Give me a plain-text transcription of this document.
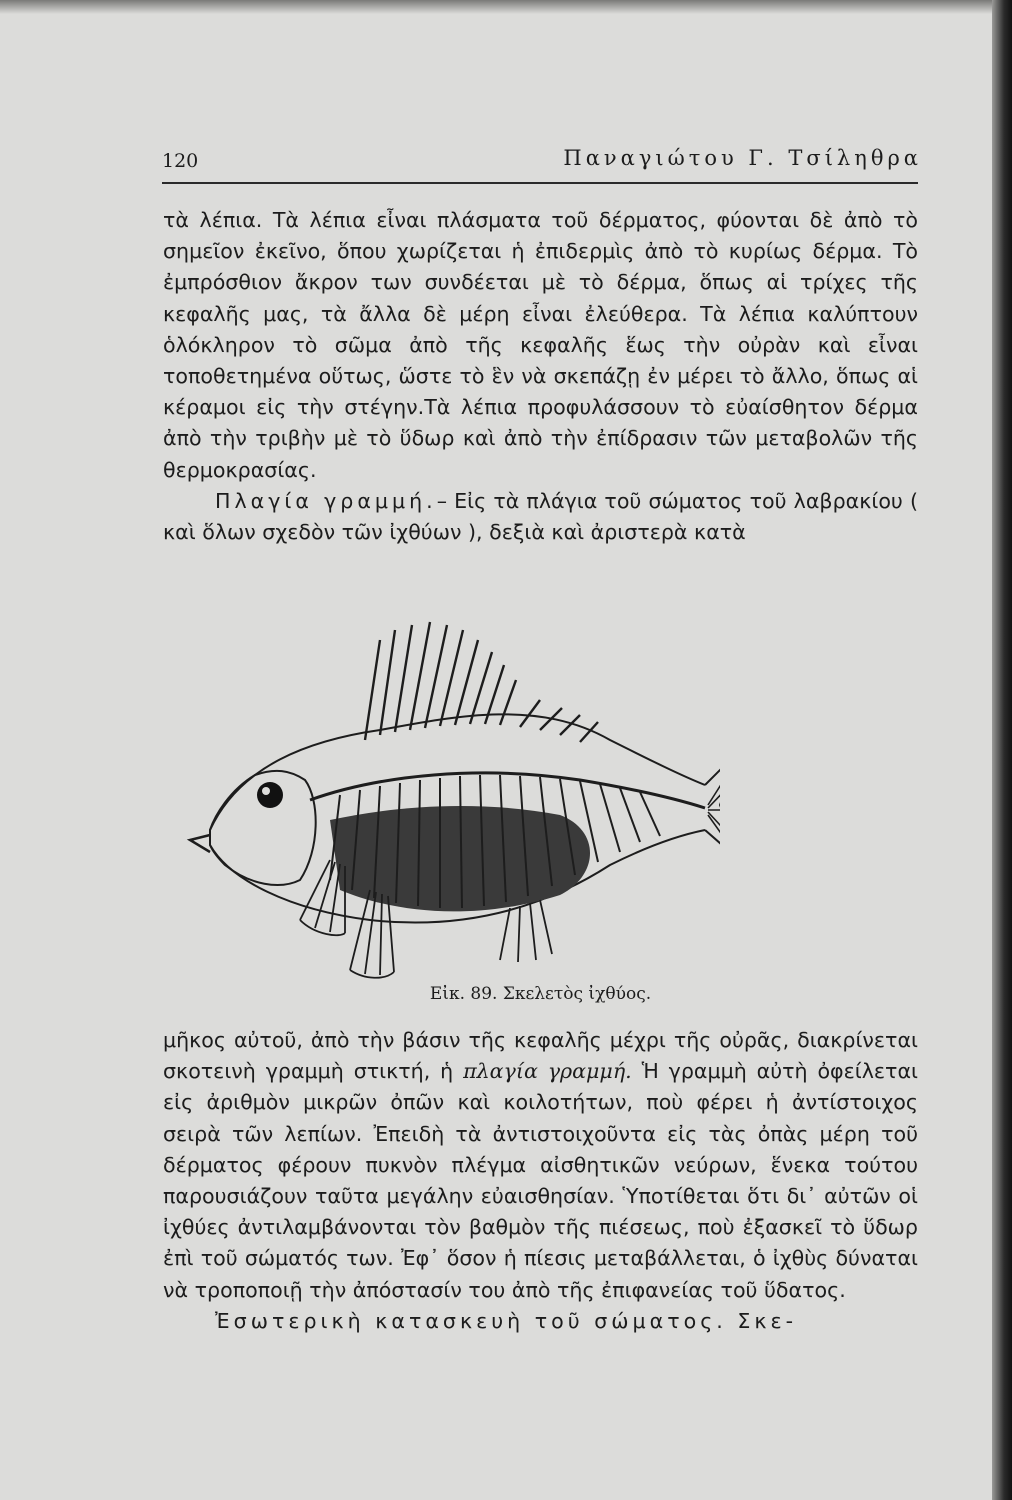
120	Παναγιώτου Γ. Τσίληθρα

τὰ λέπια. Τὰ λέπια εἶναι πλάσματα τοῦ δέρματος, φύονται δὲ ἀπὸ τὸ σημεῖον ἐκεῖνο, ὅπου χωρίζεται ἡ ἐπιδερμὶς ἀπὸ τὸ κυρίως δέρμα. Τὸ ἐμπρόσθιον ἄκρον των συνδέεται μὲ τὸ δέρμα, ὅπως αἱ τρίχες τῆς κεφαλῆς μας, τὰ ἄλλα δὲ μέρη εἶναι ἐλεύθερα. Τὰ λέπια καλύπτουν ὁλόκληρον τὸ σῶμα ἀπὸ τῆς κεφαλῆς ἕως τὴν οὐρὰν καὶ εἶναι τοποθετημένα οὕτως, ὥστε τὸ ἓν νὰ σκεπάζῃ ἐν μέρει τὸ ἄλλο, ὅπως αἱ κέραμοι εἰς τὴν στέγην.Τὰ λέπια προφυλάσσουν τὸ εὐαίσθητον δέρμα ἀπὸ τὴν τριβὴν μὲ τὸ ὕδωρ καὶ ἀπὸ τὴν ἐπίδρασιν τῶν μεταβολῶν τῆς θερμοκρασίας.

Πλαγία γραμμή.– Εἰς τὰ πλάγια τοῦ σώματος τοῦ λαβρακίου ( καὶ ὅλων σχεδὸν τῶν ἰχθύων ), δεξιὰ καὶ ἀριστερὰ κατὰ

Εἰκ. 89. Σκελετὸς ἰχθύος.

μῆκος αὐτοῦ, ἀπὸ τὴν βάσιν τῆς κεφαλῆς μέχρι τῆς οὐρᾶς, διακρίνεται σκοτεινὴ γραμμὴ στικτή, ἡ πλαγία γραμμή. Ἡ γραμμὴ αὐτὴ ὀφείλεται εἰς ἀριθμὸν μικρῶν ὀπῶν καὶ κοιλοτήτων, ποὺ φέρει ἡ ἀντίστοιχος σειρὰ τῶν λεπίων. Ἐπειδὴ τὰ ἀντιστοιχοῦντα εἰς τὰς ὀπὰς μέρη τοῦ δέρματος φέρουν πυκνὸν πλέγμα αἰσθητικῶν νεύρων, ἕνεκα τούτου παρουσιάζουν ταῦτα μεγάλην εὐαισθησίαν. Ὑποτίθεται ὅτι δι᾽ αὐτῶν οἱ ἰχθύες ἀντιλαμβάνονται τὸν βαθμὸν τῆς πιέσεως, ποὺ ἐξασκεῖ τὸ ὕδωρ ἐπὶ τοῦ σώματός των. Ἐφ᾽ ὅσον ἡ πίεσις μεταβάλλεται, ὁ ἰχθὺς δύναται νὰ τροποποιῇ τὴν ἀπόστασίν του ἀπὸ τῆς ἐπιφανείας τοῦ ὕδατος.

Ἐσωτερικὴ κατασκευὴ τοῦ σώματος. Σκε-
